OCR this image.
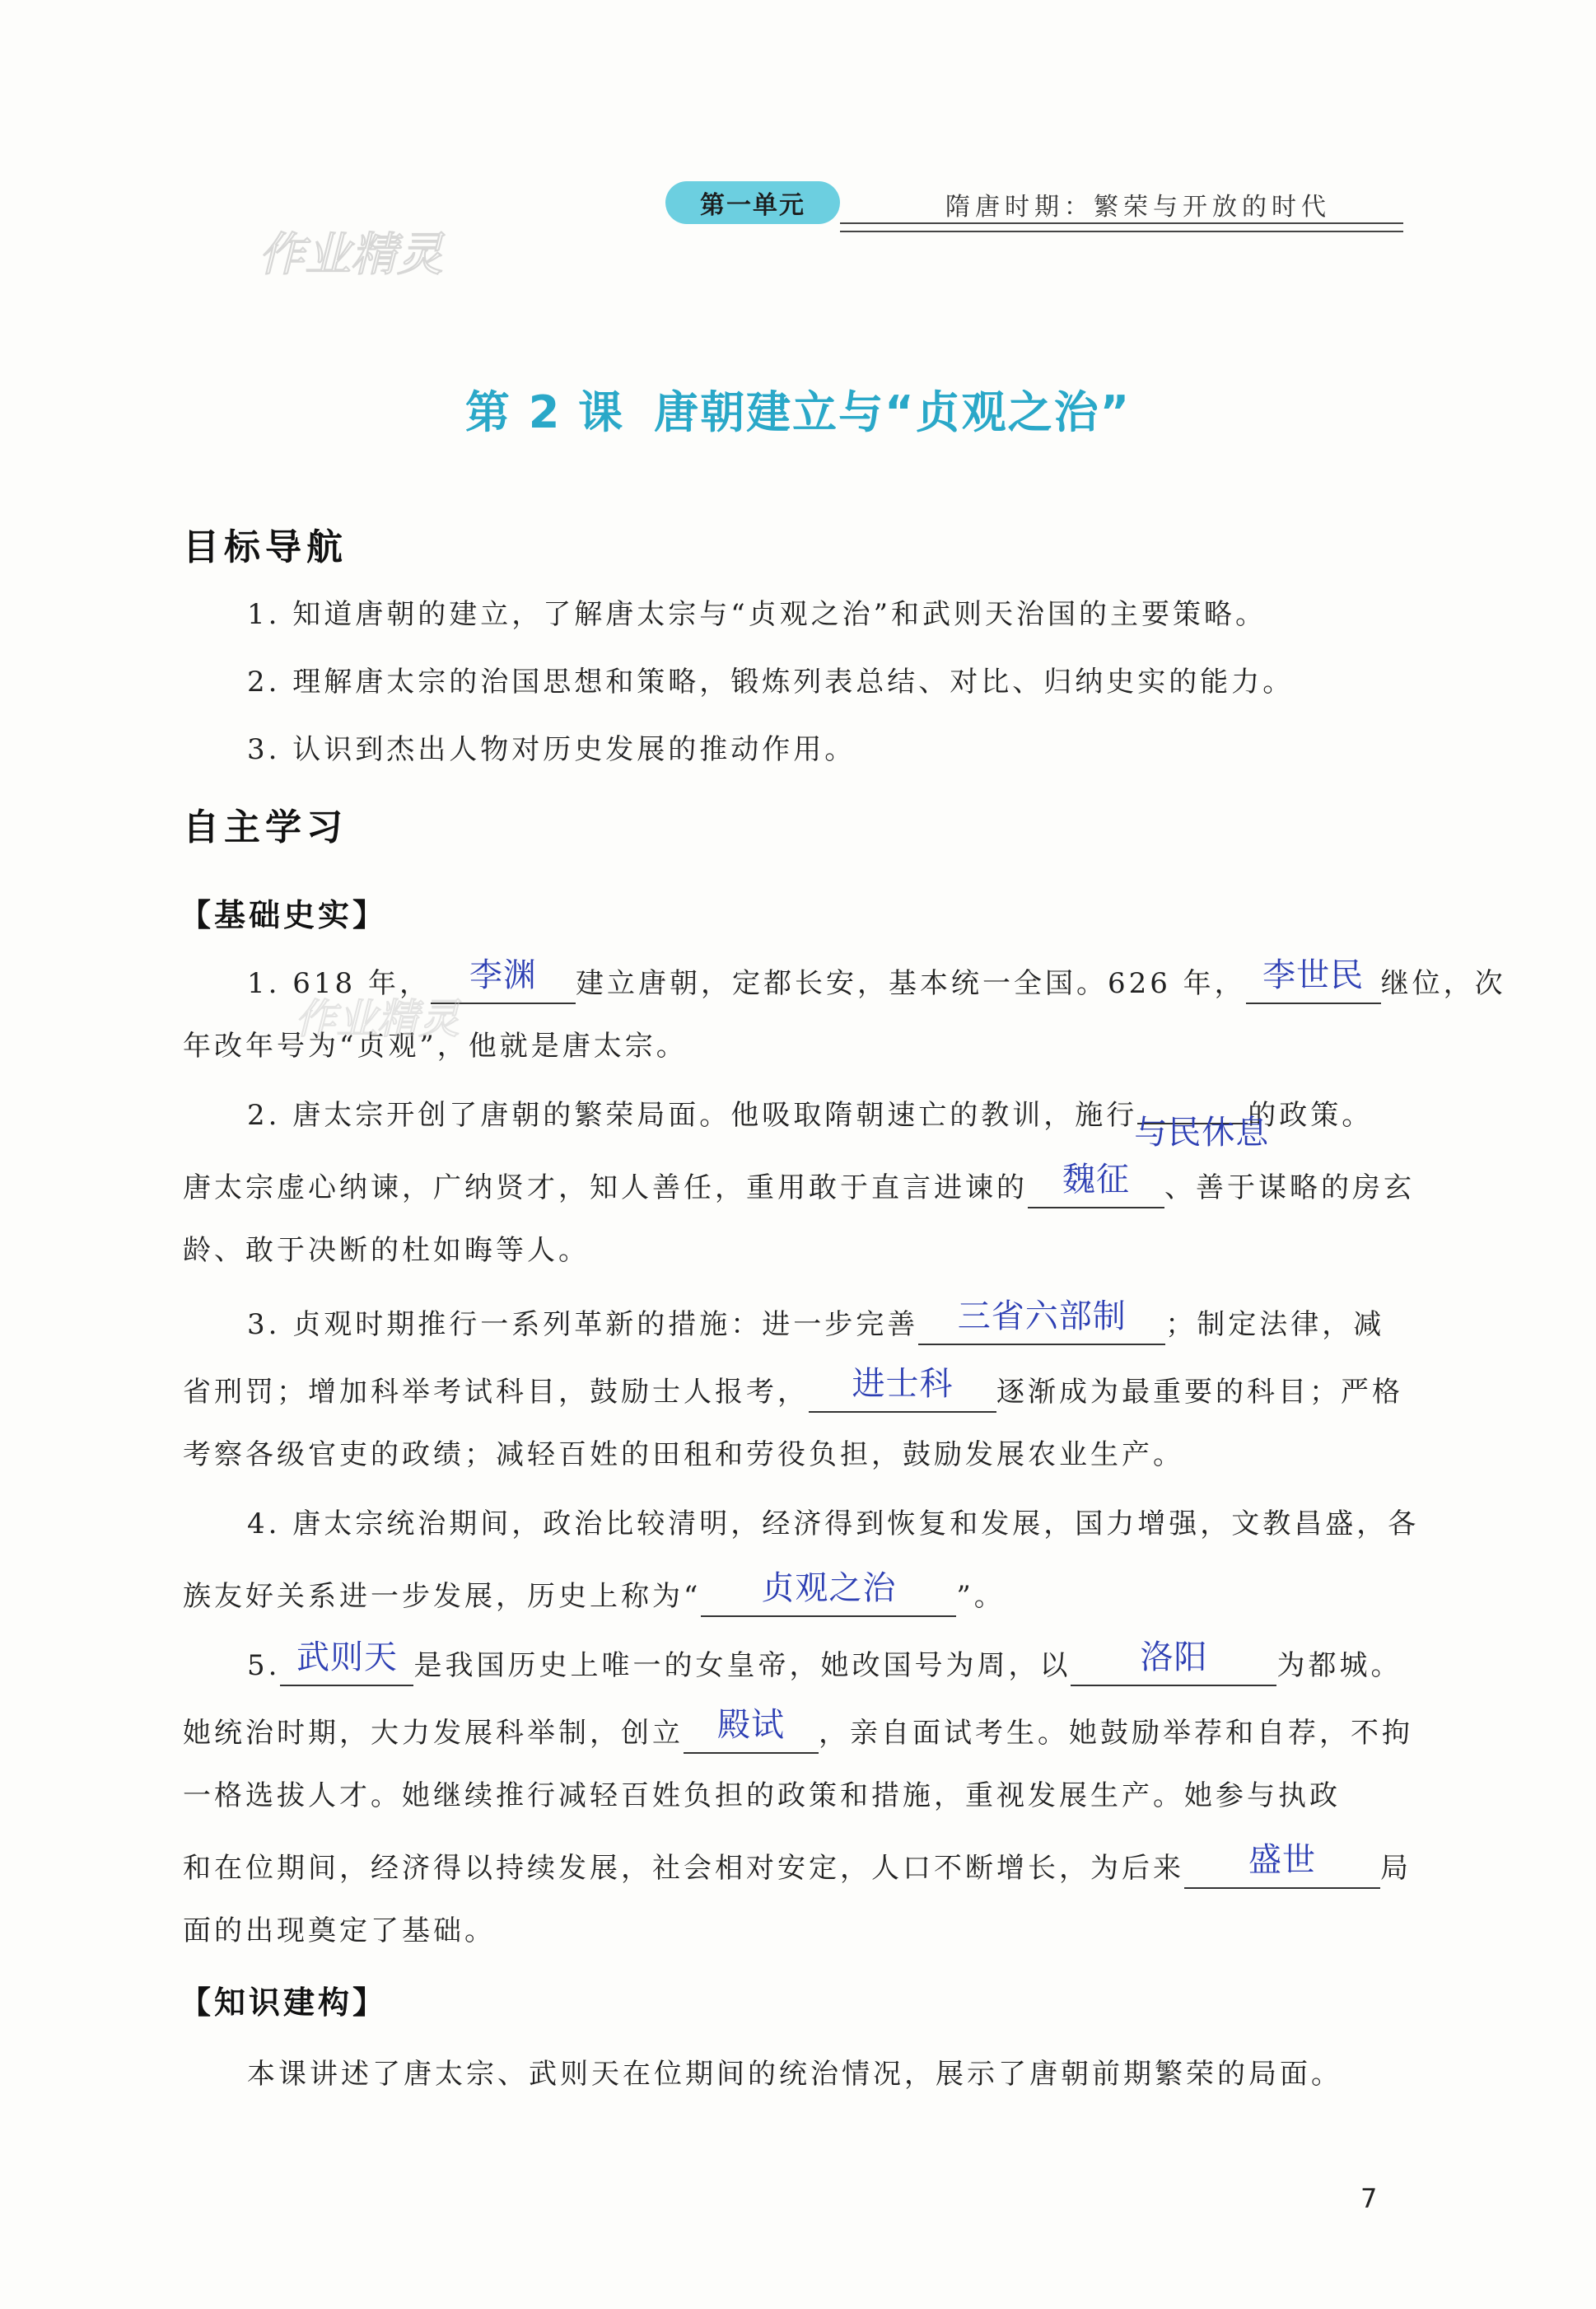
作业精灵
第一单元	隋唐时期：繁荣与开放的时代
第 2 课 唐朝建立与“贞观之治”
目标导航
1. 知道唐朝的建立，了解唐太宗与“贞观之治”和武则天治国的主要策略。
2. 理解唐太宗的治国思想和策略，锻炼列表总结、对比、归纳史实的能力。
3. 认识到杰出人物对历史发展的推动作用。
自主学习
【基础史实】
1. 618 年， 李渊 建立唐朝，定都长安，基本统一全国。626 年， 李世民 继位，次
年改年号为“贞观”，他就是唐太宗。
作业精灵
2. 唐太宗开创了唐朝的繁荣局面。他吸取隋朝速亡的教训，施行
与民休息
的政策。
唐太宗虚心纳谏，广纳贤才，知人善任，重用敢于直言进谏的 魏征 、善于谋略的房玄
龄、敢于决断的杜如晦等人。
3. 贞观时期推行一系列革新的措施：进一步完善 三省六部制 ；制定法律，减
省刑罚；增加科举考试科目，鼓励士人报考， 进士科 逐渐成为最重要的科目；严格
考察各级官吏的政绩；减轻百姓的田租和劳役负担，鼓励发展农业生产。
4. 唐太宗统治期间，政治比较清明，经济得到恢复和发展，国力增强，文教昌盛，各
族友好关系进一步发展，历史上称为“ 贞观之治 ”。
5. 武则天 是我国历史上唯一的女皇帝，她改国号为周，以 洛阳 为都城。
她统治时期，大力发展科举制，创立 殿试 ，亲自面试考生。她鼓励举荐和自荐，不拘
一格选拔人才。她继续推行减轻百姓负担的政策和措施，重视发展生产。她参与执政
和在位期间，经济得以持续发展，社会相对安定，人口不断增长，为后来 盛世 局
面的出现奠定了基础。
【知识建构】
本课讲述了唐太宗、武则天在位期间的统治情况，展示了唐朝前期繁荣的局面。
7
